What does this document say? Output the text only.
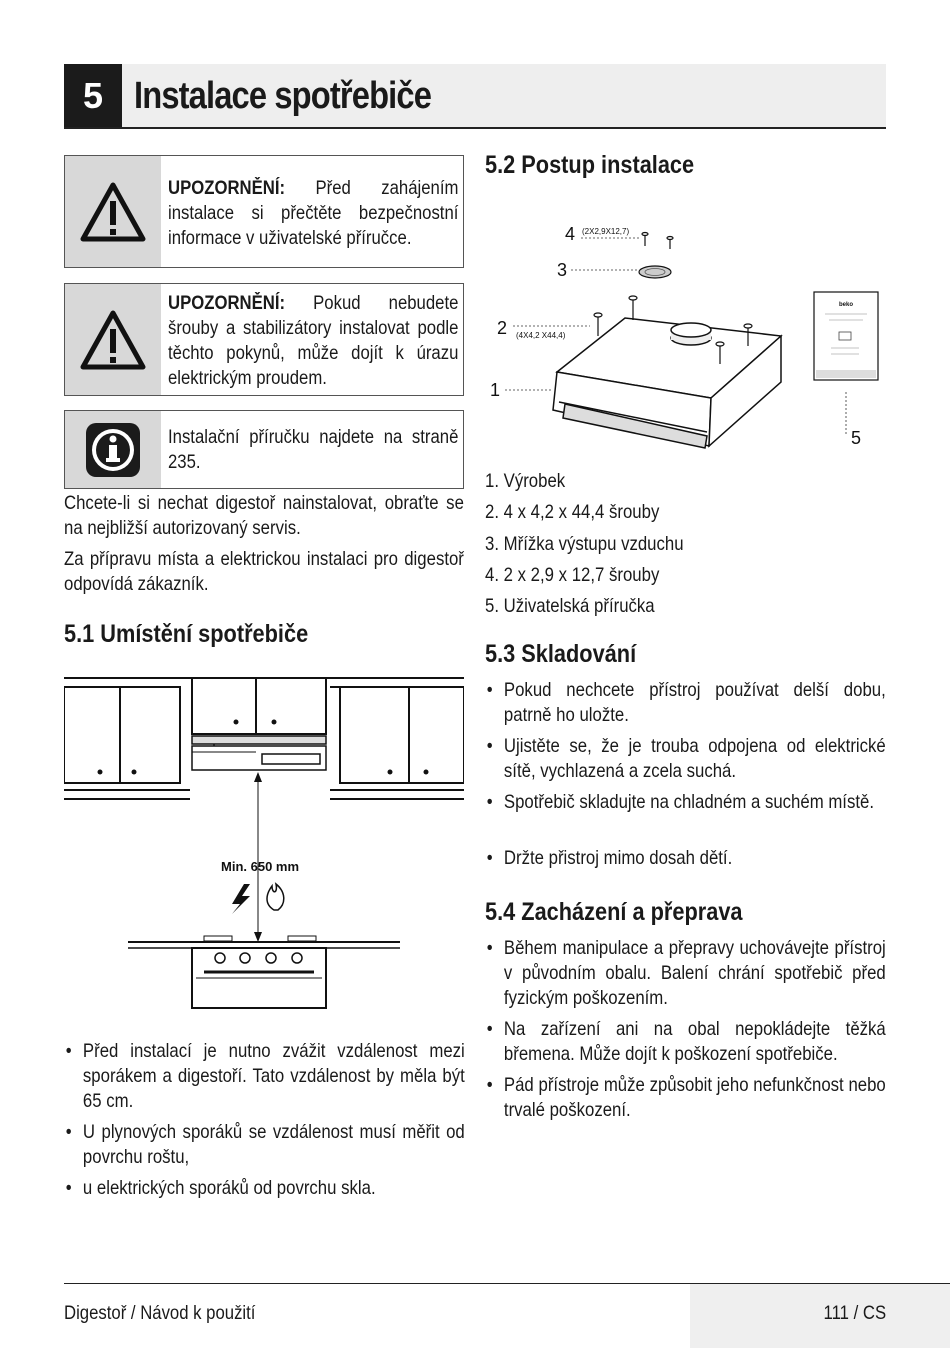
5 Instalace spotřebiče
UPOZORNĚNÍ: Před zahájením instalace si přečtěte bezpečnostní informace v uživatelské příručce.
UPOZORNĚNÍ: Pokud nebudete šrouby a stabilizátory instalovat podle těchto pokynů, může dojít k úrazu elektrickým proudem.
Instalační příručku najdete na straně 235.
Chcete-li si nechat digestoř nainstalovat, obraťte se na nejbližší autorizovaný servis.
Za přípravu místa a elektrickou instalaci pro digestoř odpovídá zákazník.
5.1 Umístění spotřebiče
Min. 650 mm
• Před instalací je nutno zvážit vzdálenost mezi sporákem a digestoří. Tato vzdálenost by měla být 65 cm.
• U plynových sporáků se vzdálenost musí měřit od povrchu roštu,
• u elektrických sporáků od povrchu skla.
5.2 Postup instalace
4 (2X2,9X12,7)
3
2 (4X4,2 X44,4)
1
5
beko
1. Výrobek
2. 4 x 4,2 x 44,4 šrouby
3. Mřížka výstupu vzduchu
4. 2 x 2,9 x 12,7 šrouby
5. Uživatelská příručka
5.3 Skladování
• Pokud nechcete přístroj používat delší dobu, patrně ho uložte.
• Ujistěte se, že je trouba odpojena od elektrické sítě, vychlazená a zcela suchá.
• Spotřebič skladujte na chladném a suchém místě.
• Držte přistroj mimo dosah dětí.
5.4 Zacházení a přeprava
• Během manipulace a přepravy uchovávejte přístroj v původním obalu. Balení chrání spotřebič před fyzickým poškozením.
• Na zařízení ani na obal nepokládejte těžká břemena. Může dojít k poškození spotřebiče.
• Pád přístroje může způsobit jeho nefunkčnost nebo trvalé poškození.
Digestoř / Návod k použití	111 / CS
